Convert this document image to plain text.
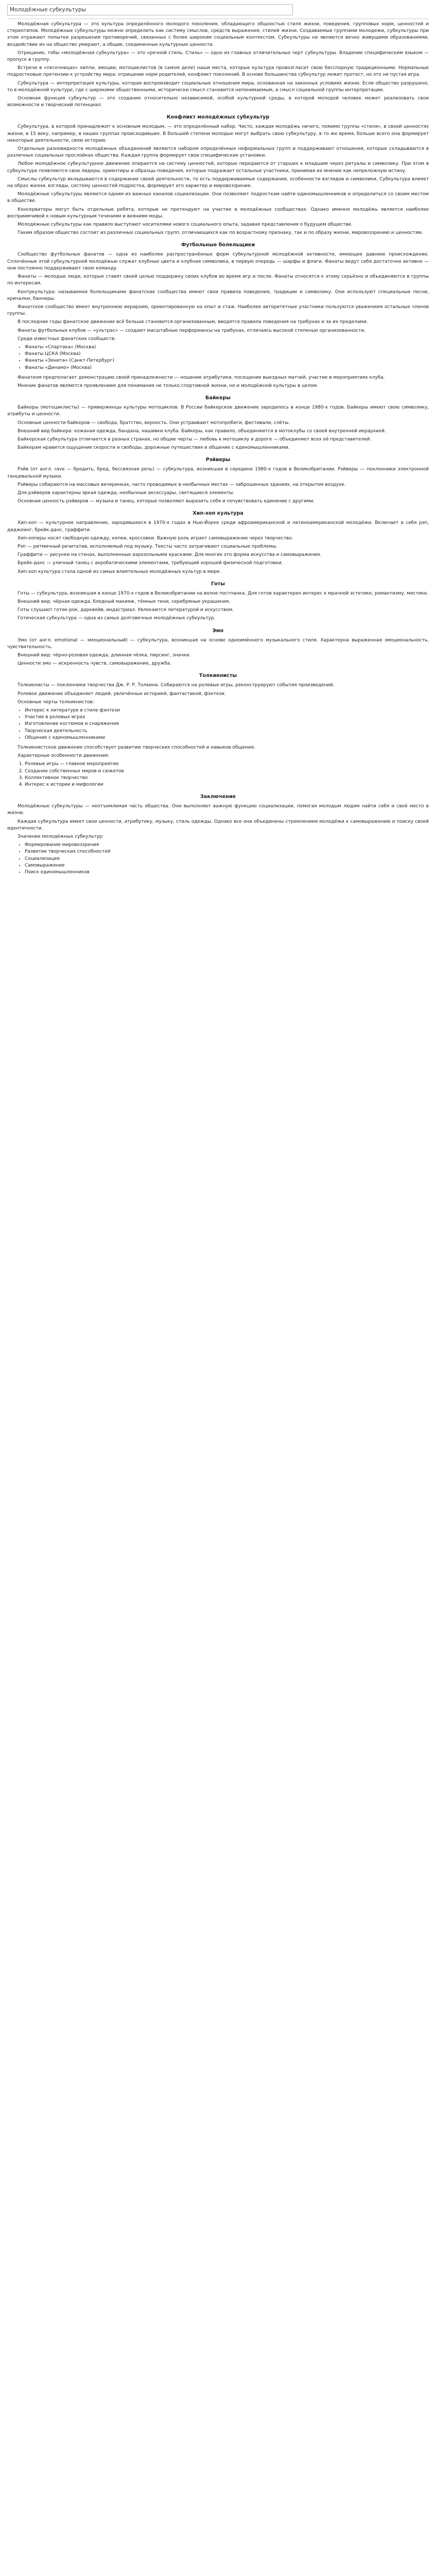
Молодёжные субкультуры

Молодёжная субкультура — это культура определённого молодого поколения, обладающего общностью стиля жизни, поведения, групповых норм, ценностей и стереотипов. Молодёжные субкультуры можно определить как систему смыслов, средств выражения, стилей жизни. Создаваемые группами молодежи, субкультуры при этом отражают попытки разрешения противоречий, связанных с более широким социальным контекстом. Субкультуры не являются вечно живущими образованиями, воздействие их на общество умирают, а общие, соединенные культурные ценности.

Отрицание, тобы «молодёжная субкультура» — это «речной стиль. Стиль» — одно из главных отличительных черт субкультуры. Владение специфическим языком — пропуск в группу.

Встречи в «песочницах» хиппи, эмоции, мотоциклистов (в самом деле) наши места, которые культура провозгласит свою бесспорную традиционными. Нормальные подростковые претензии к устройству мира: отрицание норм родителей, конфликт поколений. В основе большинства субкультур лежит протест, но это не пустая игра.

Субкультура — интерпретация культуры, которая воспроизводит социальные отношения мира, основанная на законных условиях жизни. Если общество разрушено, то в молодёжной культуре, где с широкими общественными, исторически смысл становится непонимаемым, а смысл социальной группы интерпретации.

Основная функция субкультур — это создание относительно независимой, особой культурной среды, в которой молодой человек может реализовать свои возможности и творческий потенциал.

Конфликт молодёжных субкультур

Субкультура, в которой принадлежит к основным молодым, — это определённый набор. Чисто, каждая молодёжь ничего, помимо группы «стиля», в своей ценностях жизни, в 15 веку, например, в наших группах происходивших. В большей степени молодые могут выбрать свою субкультуру, в то же время, больше всего она формирует некоторые деятельности, свою историю.

Отдельные разновидности молодёжных объединений являются набором определённых неформальных групп и поддерживают отношения, которые складываются в различных социальных прослойках общества. Каждая группа формирует свои специфические установки.

Любое молодёжное субкультурное движение опирается на систему ценностей, которые передаются от старших к младшим через ритуалы и символику. При этом в субкультуре появляются свои лидеры, ориентиры и образцы поведения, которые подражает остальные участники, принимая их мнение как непреложную истину.

Смыслы субкультур вкладываются в содержание своей деятельности, то есть поддерживаемые содержания, особенности взглядов и символики. Субкультура влияет на образ жизни, взгляды, систему ценностей подростка, формирует его характер и мировоззрение.

Молодёжные субкультуры являются одним из важных каналов социализации. Они позволяют подросткам найти единомышленников и определиться со своим местом в обществе.

Консерваторы могут быть отдельные ребята, которые не претендуют на участие в молодёжных сообществах. Однако именно молодёжь является наиболее восприимчивой к новым культурным течениям и веяниям моды.

Молодёжные субкультуры как правило выступают носителями нового социального опыта, задавая представления о будущем обществе.

Таким образом общество состоит из различных социальных групп, отличающихся как по возрастному признаку, так и по образу жизни, мировоззрению и ценностям.

Футбольные болельщики

Сообщество футбольных фанатов — одна из наиболее распространённых форм субкультурной молодёжной активности, имеющее давнюю происхождение. Сплочённые этой субкультурной молодёжью служат клубные цвета и клубная символика, в первую очередь — шарфы и флаги. Фанаты ведут себя достаточно активно — они постоянно поддерживают свою команду.

Фанаты — молодые люди, которые ставят своей целью поддержку своих клубов во время игр и после. Фанаты относятся к этому серьёзно и объединяются в группы по интересам.

Контркультура: называемая болельщиками фанатские сообщества имеют свои правила поведения, традиции и символику. Они используют специальные песни, кричалки, баннеры.

Фанатское сообщество имеет внутреннюю иерархию, ориентированную на опыт и стаж. Наиболее авторитетные участники пользуются уважением остальных членов группы.

В последние годы фанатское движение всё больше становится организованным, вводятся правила поведения на трибунах и за их пределами.

Фанаты футбольных клубов — «ультрас» — создают масштабные перформансы на трибунах, отличаясь высокой степенью организованности.

Среди известных фанатских сообществ:

• Фанаты «Спартака» (Москва)
• Фанаты ЦСКА (Москва)
• Фанаты «Зенита» (Санкт-Петербург)
• Фанаты «Динамо» (Москва)

Фанатизм предполагает демонстрацию своей принадлежности — ношение атрибутики, посещение выездных матчей, участие в мероприятиях клуба.

Мнение фанатов являются проявлением для понимания не только спортивной жизни, но и молодёжной культуры в целом.

Байкеры

Байкеры (мотоциклисты) — приверженцы культуры мотоциклов. В России байкерское движение зародилось в конце 1980-х годов. Байкеры имеют свою символику, атрибуты и ценности.

Основные ценности байкеров — свобода, братство, верность. Они устраивают мотопробеги, фестивали, слёты.

Внешний вид байкера: кожаная одежда, бандана, нашивки клуба. Байкеры, как правило, объединяются в мотоклубы со своей внутренней иерархией.

Байкерская субкультура отличается в разных странах, но общие черты — любовь к мотоциклу и дороге — объединяют всех её представителей.

Байкерам нравится ощущение скорости и свободы, дорожные путешествия и общение с единомышленниками.

Рэйверы

Рэйв (от англ. rave — бредить, бред, бессвязная речь) — субкультура, возникшая в середине 1980-х годов в Великобритании. Рэйверы — поклонники электронной танцевальной музыки.

Рэйверы собираются на массовых вечеринках, часто проводимых в необычных местах — заброшенных зданиях, на открытом воздухе.

Для рэйверов характерны яркая одежда, необычные аксессуары, светящиеся элементы.

Основная ценность рэйверов — музыка и танец, которые позволяют выразить себя и почувствовать единение с другими.

Хип-хоп культура

Хип-хоп — культурное направление, зародившееся в 1970-х годах в Нью-Йорке среди афроамериканской и латиноамериканской молодёжи. Включает в себя рэп, диджеинг, брейк-данс, граффити.

Хип-хоперы носят свободную одежду, кепки, кроссовки. Важную роль играет самовыражение через творчество.

Рэп — ритмичный речитатив, исполняемый под музыку. Тексты часто затрагивают социальные проблемы.

Граффити — рисунки на стенах, выполненные аэрозольными красками. Для многих это форма искусства и самовыражения.

Брейк-данс — уличный танец с акробатическими элементами, требующий хорошей физической подготовки.

Хип-хоп культура стала одной из самых влиятельных молодёжных культур в мире.

Готы

Готы — субкультура, возникшая в конце 1970-х годов в Великобритании на волне постпанка. Для готов характерен интерес к мрачной эстетике, романтизму, мистике.

Внешний вид: чёрная одежда, бледный макияж, тёмные тени, серебряные украшения.

Готы слушают готик-рок, дарквейв, индастриал. Увлекаются литературой и искусством.

Готическая субкультура — одна из самых долговечных молодёжных субкультур.

Эмо

Эмо (от англ. emotional — эмоциональный) — субкультура, возникшая на основе одноимённого музыкального стиля. Характерна выраженная эмоциональность, чувствительность.

Внешний вид: чёрно-розовая одежда, длинная чёлка, пирсинг, значки.

Ценности эмо — искренность чувств, самовыражение, дружба.

Толкиенисты

Толкиенисты — поклонники творчества Дж. Р. Р. Толкина. Собираются на ролевые игры, реконструируют события произведений.

Ролевое движение объединяет людей, увлечённых историей, фантастикой, фэнтези.

Основные черты толкиенистов:

• Интерес к литературе в стиле фэнтези
• Участие в ролевых играх
• Изготовление костюмов и снаряжения
• Творческая деятельность
• Общение с единомышленниками

Толкиенистское движение способствует развитию творческих способностей и навыков общения.

Характерные особенности движения:

1. Ролевые игры — главное мероприятие
2. Создание собственных миров и сюжетов
3. Коллективное творчество
4. Интерес к истории и мифологии
Заключение

Молодёжные субкультуры — неотъемлемая часть общества. Они выполняют важную функцию социализации, помогая молодым людям найти себя и своё место в жизни.

Каждая субкультура имеет свои ценности, атрибутику, музыку, стиль одежды. Однако все они объединены стремлением молодёжи к самовыражению и поиску своей идентичности.

Значение молодёжных субкультур:

• Формирование мировоззрения
• Развитие творческих способностей
• Социализация
• Самовыражение
• Поиск единомышленников
